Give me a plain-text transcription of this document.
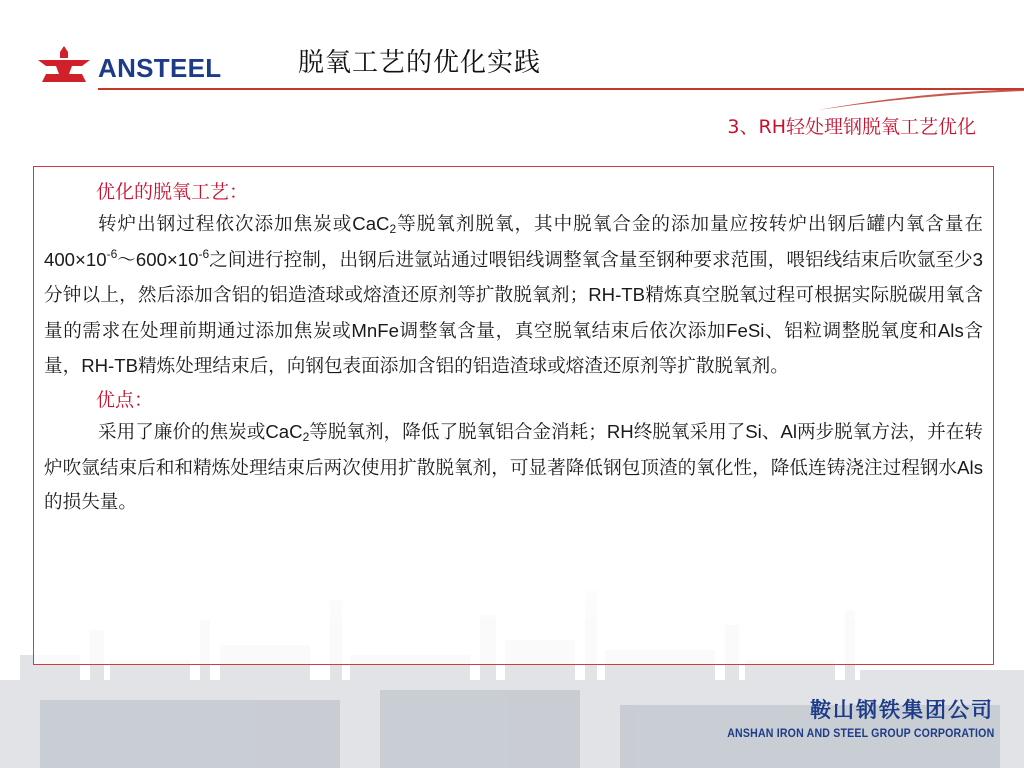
ANSTEEL	脱氧工艺的优化实践
3、RH轻处理钢脱氧工艺优化
优化的脱氧工艺：

转炉出钢过程依次添加焦炭或CaC$_2$等脱氧剂脱氧，其中脱氧合金的添加量应按转炉出钢后罐内氧含量在$400\times 10^{-6}\sim 600\times 10^{-6}$之间进行控制，出钢后进氩站通过喂铝线调整氧含量至钢种要求范围，喂铝线结束后吹氩至少3分钟以上，然后添加含铝的铝造渣球或熔渣还原剂等扩散脱氧剂；RH-TB精炼真空脱氧过程可根据实际脱碳用氧含量的需求在处理前期通过添加焦炭或MnFe调整氧含量，真空脱氧结束后依次添加FeSi、铝粒调整脱氧度和Als含量，RH-TB精炼处理结束后，向钢包表面添加含铝的铝造渣球或熔渣还原剂等扩散脱氧剂。

优点：

采用了廉价的焦炭或CaC$_2$等脱氧剂，降低了脱氧铝合金消耗；RH终脱氧采用了Si、Al两步脱氧方法，并在转炉吹氩结束后和和精炼处理结束后两次使用扩散脱氧剂，可显著降低钢包顶渣的氧化性，降低连铸浇注过程钢水Als的损失量。

鞍山钢铁集团公司
ANSHAN IRON AND STEEL GROUP CORPORATION
